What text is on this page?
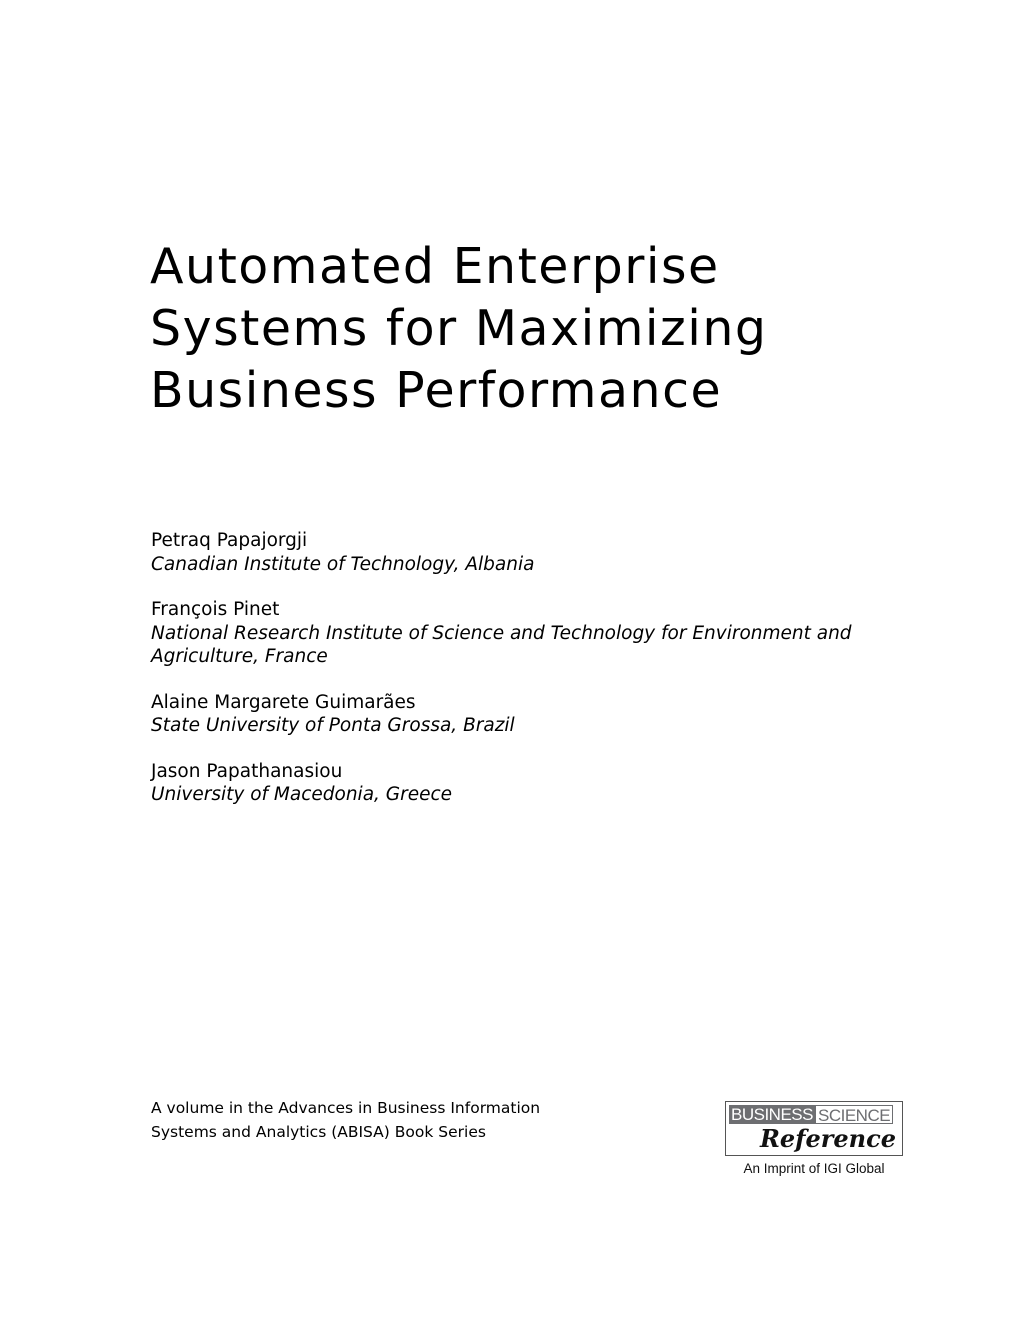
Automated Enterprise
Systems for Maximizing
Business Performance
Petraq Papajorgji
Canadian Institute of Technology, Albania
François Pinet
National Research Institute of Science and Technology for Environment and Agriculture, France
Alaine Margarete Guimarães
State University of Ponta Grossa, Brazil
Jason Papathanasiou
University of Macedonia, Greece
A volume in the Advances in Business Information
Systems and Analytics (ABISA) Book Series
BUSINESS SCIENCE
Reference
An Imprint of IGI Global
